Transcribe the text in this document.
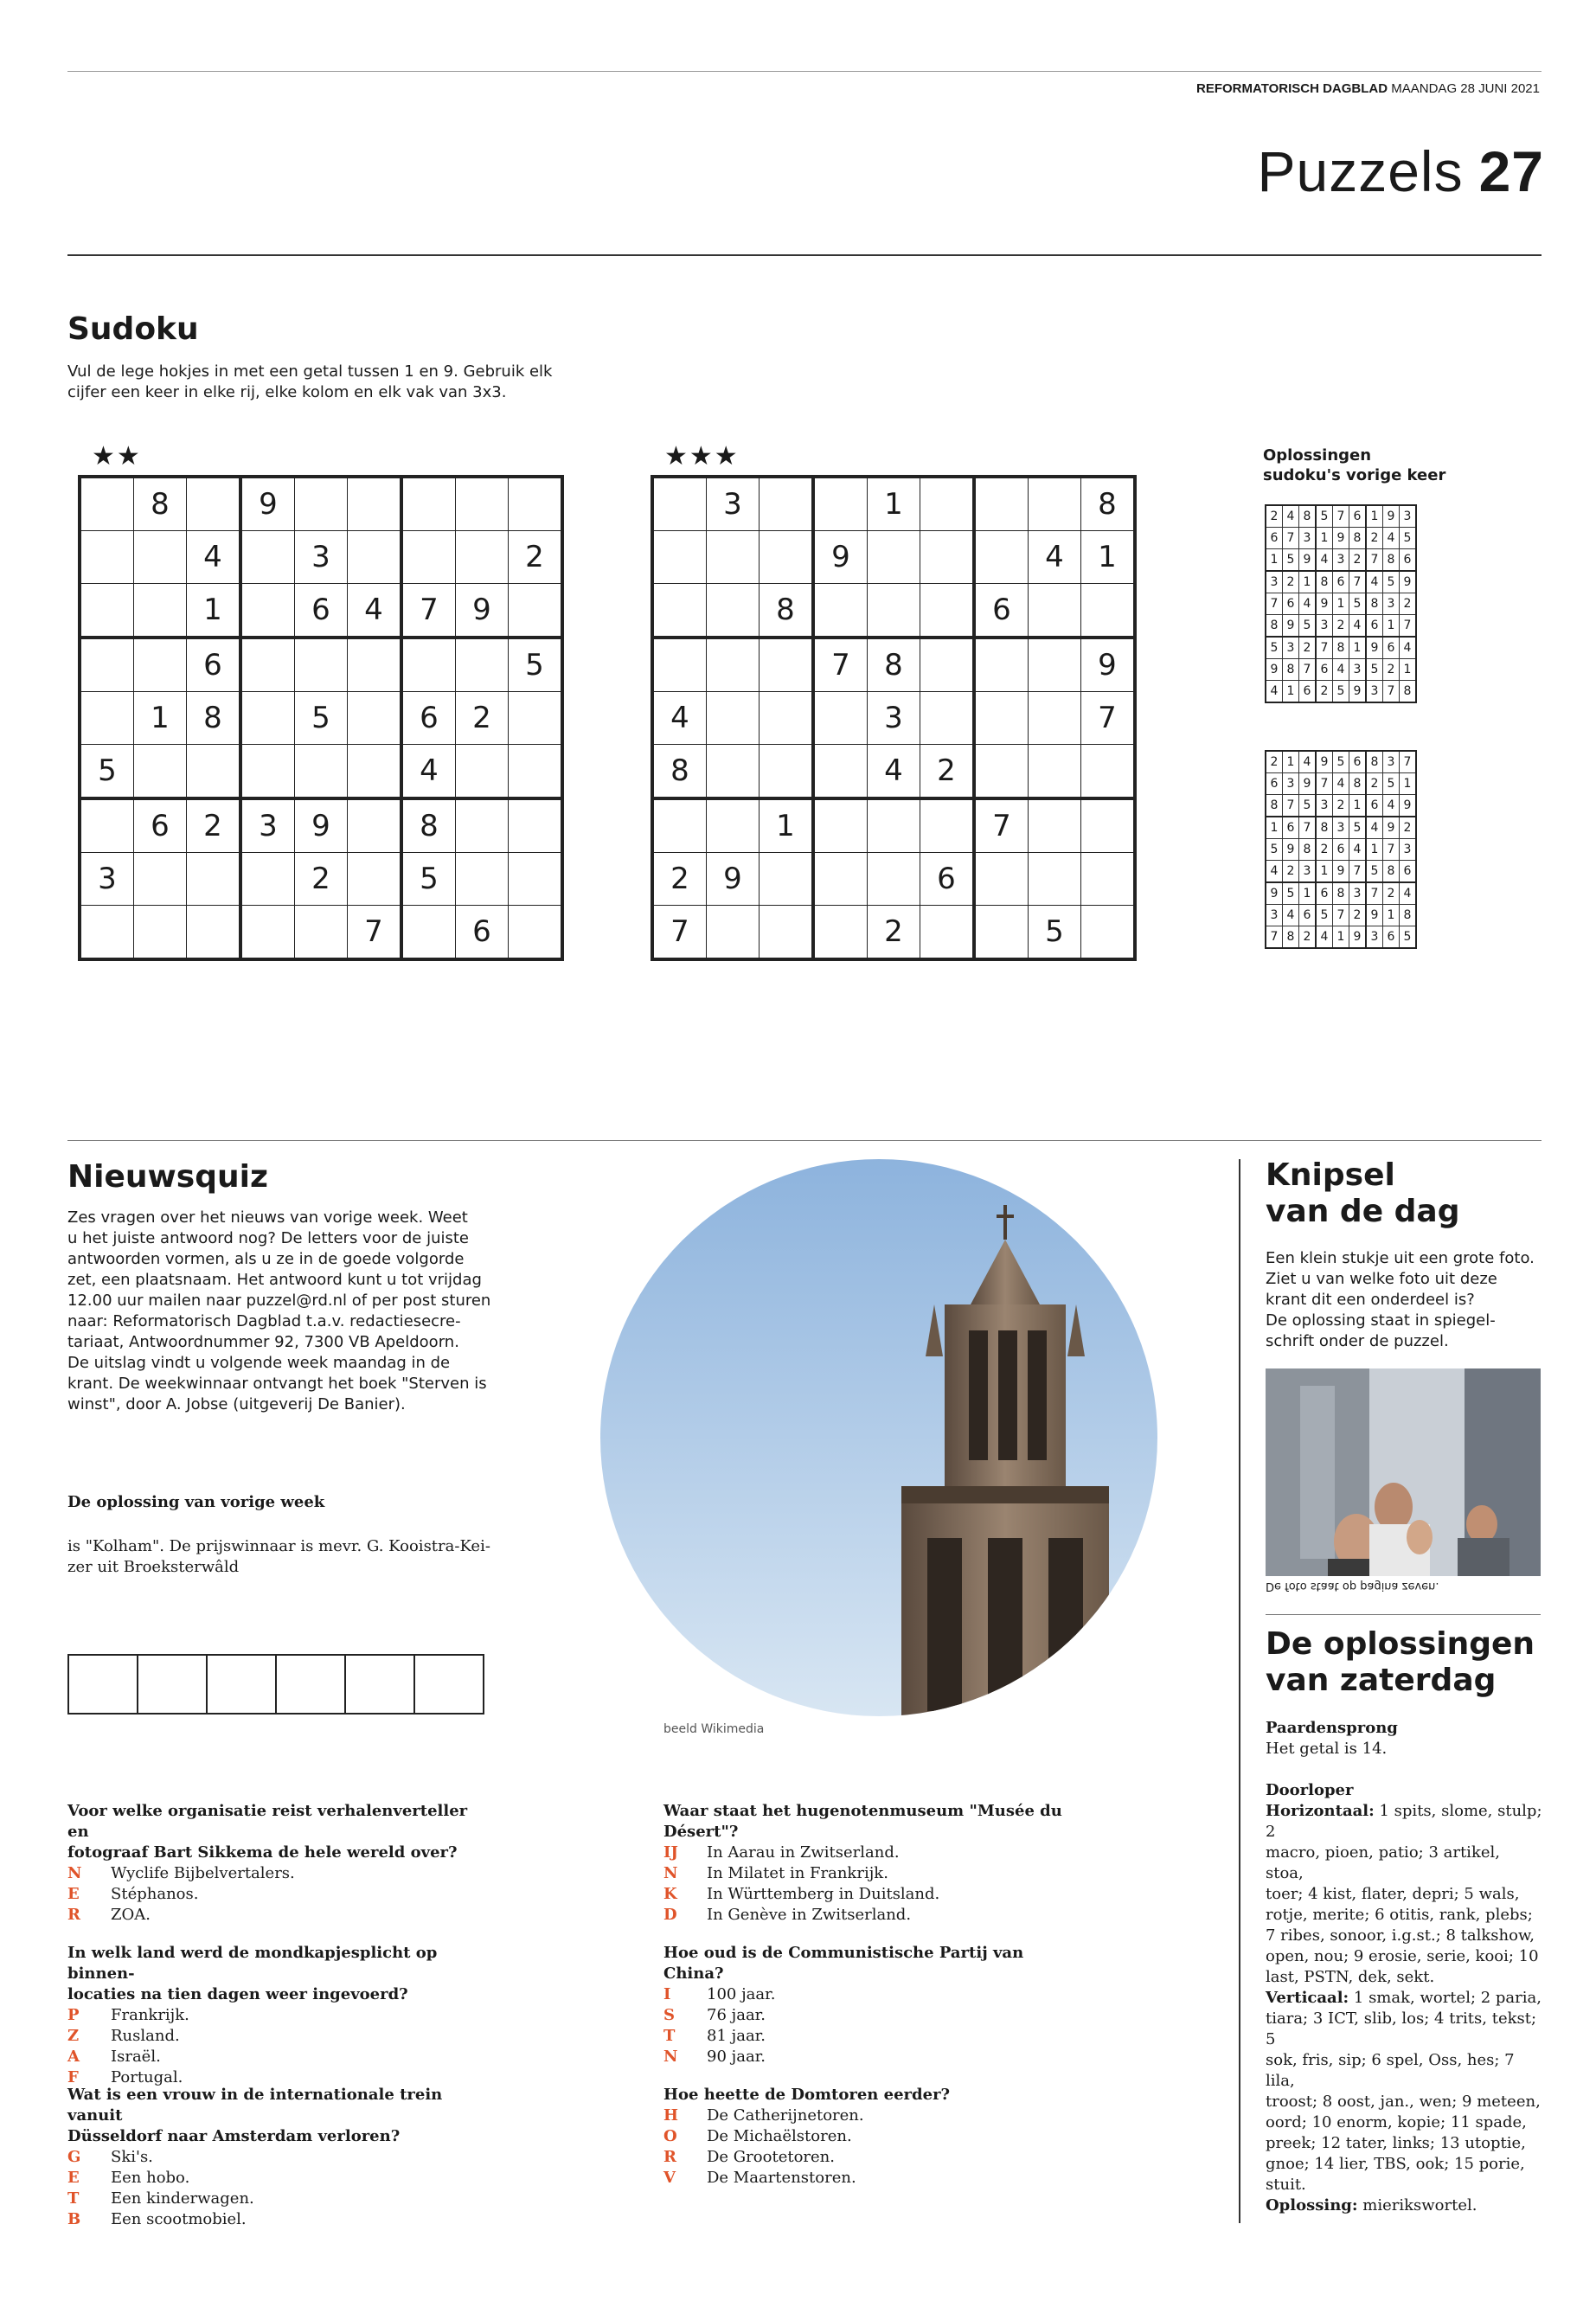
REFORMATORISCH DAGBLAD MAANDAG 28 JUNI 2021
Puzzels 27
Sudoku
Vul de lege hokjes in met een getal tussen 1 en 9. Gebruik elk
cijfer een keer in elke rij, elke kolom en elk vak van 3x3.
★★	★★★
	8		9					
		4		3				2
		1		6	4	7	9	
		6						5
	1	8		5		6	2	
5						4		
	6	2	3	9		8		
3				2		5		
					7		6	
	3			1				8
			9				4	1
		8				6		
			7	8				9
4				3				7
8				4	2			
		1				7		
2	9				6			
7				2			5	
Oplossingen
sudoku's vorige keer
2	4	8	5	7	6	1	9	3
6	7	3	1	9	8	2	4	5
1	5	9	4	3	2	7	8	6
3	2	1	8	6	7	4	5	9
7	6	4	9	1	5	8	3	2
8	9	5	3	2	4	6	1	7
5	3	2	7	8	1	9	6	4
9	8	7	6	4	3	5	2	1
4	1	6	2	5	9	3	7	8
2	1	4	9	5	6	8	3	7
6	3	9	7	4	8	2	5	1
8	7	5	3	2	1	6	4	9
1	6	7	8	3	5	4	9	2
5	9	8	2	6	4	1	7	3
4	2	3	1	9	7	5	8	6
9	5	1	6	8	3	7	2	4
3	4	6	5	7	2	9	1	8
7	8	2	4	1	9	3	6	5
Nieuwsquiz
Zes vragen over het nieuws van vorige week. Weet
u het juiste antwoord nog? De letters voor de juiste
antwoorden vormen, als u ze in de goede volgorde
zet, een plaatsnaam. Het antwoord kunt u tot vrijdag
12.00 uur mailen naar puzzel@rd.nl of per post sturen
naar: Reformatorisch Dagblad t.a.v. redactiesecre-
tariaat, Antwoordnummer 92, 7300 VB Apeldoorn.
De uitslag vindt u volgende week maandag in de
krant. De weekwinnaar ontvangt het boek "Sterven is
winst", door A. Jobse (uitgeverij De Banier).
De oplossing van vorige week
is "Kolham". De prijswinnaar is mevr. G. Kooistra-Kei-
zer uit Broeksterwâld
beeld Wikimedia
Voor welke organisatie reist verhalenverteller en
fotograaf Bart Sikkema de hele wereld over?
N	Wyclife Bijbelvertalers.
E	Stéphanos.
R	ZOA.
In welk land werd de mondkapjesplicht op binnen-
locaties na tien dagen weer ingevoerd?
P	Frankrijk.
Z	Rusland.
A	Israël.
F	Portugal.
Wat is een vrouw in de internationale trein vanuit
Düsseldorf naar Amsterdam verloren?
G	Ski's.
E	Een hobo.
T	Een kinderwagen.
B	Een scootmobiel.
Waar staat het hugenotenmuseum "Musée du
Désert"?
IJ	In Aarau in Zwitserland.
N	In Milatet in Frankrijk.
K	In Württemberg in Duitsland.
D	In Genève in Zwitserland.
Hoe oud is de Communistische Partij van China?
I	100 jaar.
S	76 jaar.
T	81 jaar.
N	90 jaar.
Hoe heette de Domtoren eerder?
H	De Catherijnetoren.
O	De Michaëlstoren.
R	De Grootetoren.
V	De Maartenstoren.
Knipsel
van de dag
Een klein stukje uit een grote foto.
Ziet u van welke foto uit deze
krant dit een onderdeel is?
De oplossing staat in spiegel-
schrift onder de puzzel.
De foto staat op pagina zeven.
De oplossingen
van zaterdag
Paardensprong
Het getal is 14.
Doorloper
Horizontaal: 1 spits, slome, stulp; 2
macro, pioen, patio; 3 artikel, stoa,
toer; 4 kist, flater, depri; 5 wals,
rotje, merite; 6 otitis, rank, plebs;
7 ribes, sonoor, i.g.st.; 8 talkshow,
open, nou; 9 erosie, serie, kooi; 10
last, PSTN, dek, sekt.
Verticaal: 1 smak, wortel; 2 paria,
tiara; 3 ICT, slib, los; 4 trits, tekst; 5
sok, fris, sip; 6 spel, Oss, hes; 7 lila,
troost; 8 oost, jan., wen; 9 meteen,
oord; 10 enorm, kopie; 11 spade,
preek; 12 tater, links; 13 utoptie,
gnoe; 14 lier, TBS, ook; 15 porie,
stuit.
Oplossing: mierikswortel.
